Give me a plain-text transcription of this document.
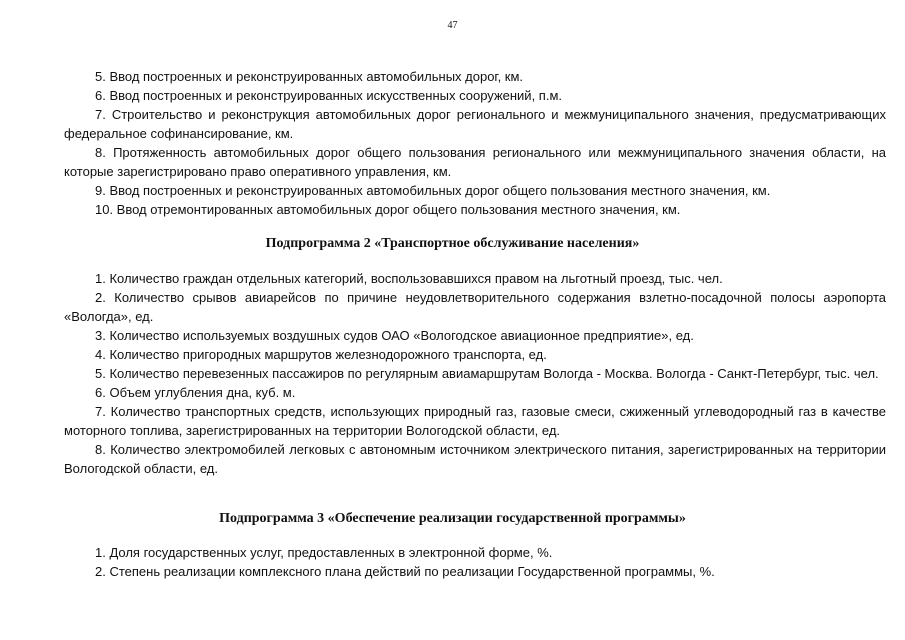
47

5. Ввод построенных и реконструированных автомобильных дорог, км.

6. Ввод построенных и реконструированных искусственных сооружений, п.м.

7. Строительство и реконструкция автомобильных дорог регионального и межмуниципального значения, предусматривающих федеральное софинансирование, км.

8. Протяженность автомобильных дорог общего пользования регионального или межмуниципального значения области, на которые зарегистрировано право оперативного управления, км.

9. Ввод построенных и реконструированных автомобильных дорог общего пользования местного значения, км.

10. Ввод отремонтированных автомобильных дорог общего пользования местного значения, км.

Подпрограмма 2 «Транспортное обслуживание населения»

1. Количество граждан отдельных категорий, воспользовавшихся правом на льготный проезд, тыс. чел.

2. Количество срывов авиарейсов по причине неудовлетворительного содержания взлетно-посадочной полосы аэропорта «Вологда», ед.

3. Количество используемых воздушных судов ОАО «Вологодское авиационное предприятие», ед.

4. Количество пригородных маршрутов железнодорожного транспорта, ед.

5. Количество перевезенных пассажиров по регулярным авиамаршрутам Вологда - Москва. Вологда - Санкт-Петербург, тыс. чел.

6. Объем углубления дна, куб. м.

7. Количество транспортных средств, использующих природный газ, газовые смеси, сжиженный углеводородный газ в качестве моторного топлива, зарегистрированных на территории Вологодской области, ед.

8. Количество электромобилей легковых с автономным источником электрического питания, зарегистрированных на территории Вологодской области, ед.

Подпрограмма 3 «Обеспечение реализации государственной программы»

1. Доля государственных услуг, предоставленных в электронной форме, %.

2. Степень реализации комплексного плана действий по реализации Государственной программы, %.
